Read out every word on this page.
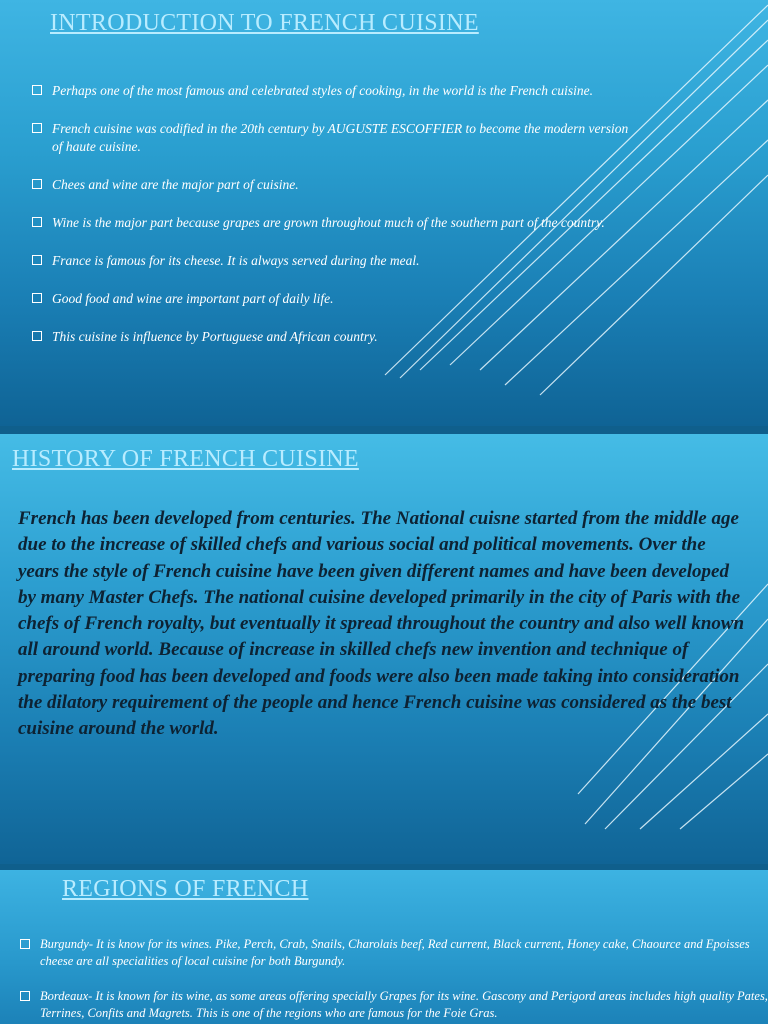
INTRODUCTION TO FRENCH CUISINE
Perhaps one of the most famous and celebrated styles of cooking, in the world is the French cuisine.
French cuisine was codified in the 20th century by AUGUSTE ESCOFFIER to become the modern version of haute cuisine.
Chees and wine are the major part of cuisine.
Wine is the major part because grapes are grown throughout much of the southern part of the country.
France is famous for its cheese. It is always served during the meal.
Good food and wine are important part of daily life.
This cuisine is influence by Portuguese and African country.
HISTORY OF FRENCH CUISINE

French has been developed from centuries. The National cuisne started from the middle age due to the increase of skilled chefs and various social and political movements. Over the years the style of French cuisine have been given different names and have been developed by many Master Chefs. The national cuisine developed primarily in the city of Paris with the chefs of French royalty, but eventually it spread throughout the country and also well known all around world. Because of increase in skilled chefs new invention and technique of preparing food has been developed and foods were also been made taking into consideration the dilatory requirement of the people and hence French cuisine was considered as the best cuisine around the world.

REGIONS OF FRENCH
Burgundy- It is know for its wines. Pike, Perch, Crab, Snails, Charolais beef, Red current, Black current, Honey cake, Chaource and Epoisses cheese are all specialities of local cuisine for both Burgundy.
Bordeaux- It is known for its wine, as some areas offering specially Grapes for its wine. Gascony and Perigord areas includes high quality Pates, Terrines, Confits and Magrets. This is one of the regions who are famous for the Foie Gras.
